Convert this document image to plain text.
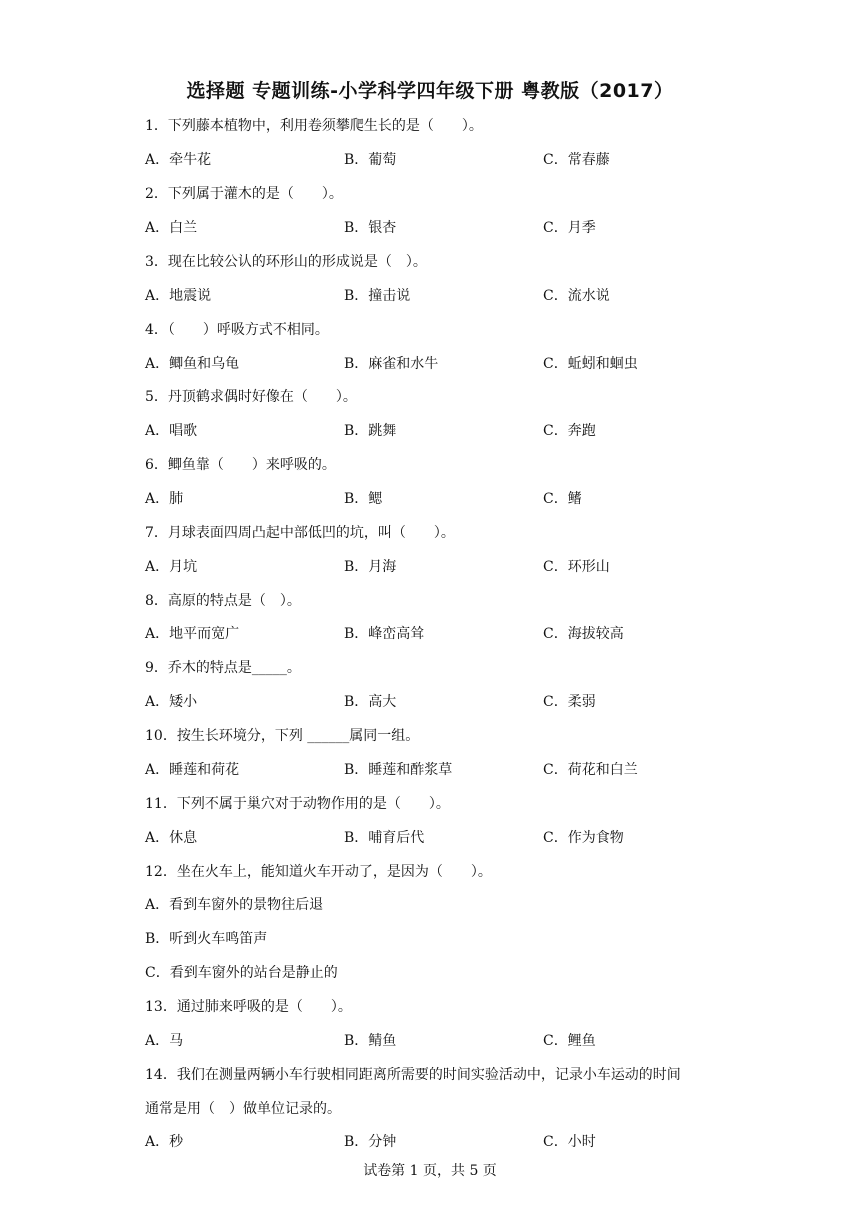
选择题 专题训练-小学科学四年级下册 粤教版（2017）
1．下列藤本植物中，利用卷须攀爬生长的是（　　）。
A．牵牛花	B．葡萄	C．常春藤
2．下列属于灌木的是（　　）。
A．白兰	B．银杏	C．月季
3．现在比较公认的环形山的形成说是（　）。
A．地震说	B．撞击说	C．流水说
4．（　　）呼吸方式不相同。
A．鲫鱼和乌龟	B．麻雀和水牛	C．蚯蚓和蛔虫
5．丹顶鹤求偶时好像在（　　）。
A．唱歌	B．跳舞	C．奔跑
6．鲫鱼靠（　　）来呼吸的。
A．肺	B．鳃	C．鳍
7．月球表面四周凸起中部低凹的坑，叫（　　）。
A．月坑	B．月海	C．环形山
8．高原的特点是（　）。
A．地平而宽广	B．峰峦高耸	C．海拔较高
9．乔木的特点是_____。
A．矮小	B．高大	C．柔弱
10．按生长环境分，下列 ______属同一组。
A．睡莲和荷花	B．睡莲和酢浆草	C．荷花和白兰
11．下列不属于巢穴对于动物作用的是（　　）。
A．休息	B．哺育后代	C．作为食物
12．坐在火车上，能知道火车开动了，是因为（　　）。
A．看到车窗外的景物往后退
B．听到火车鸣笛声
C．看到车窗外的站台是静止的
13．通过肺来呼吸的是（　　）。
A．马	B．鲭鱼	C．鲤鱼
14．我们在测量两辆小车行驶相同距离所需要的时间实验活动中，记录小车运动的时间
通常是用（　）做单位记录的。
A．秒	B．分钟	C．小时
试卷第 1 页，共 5 页
